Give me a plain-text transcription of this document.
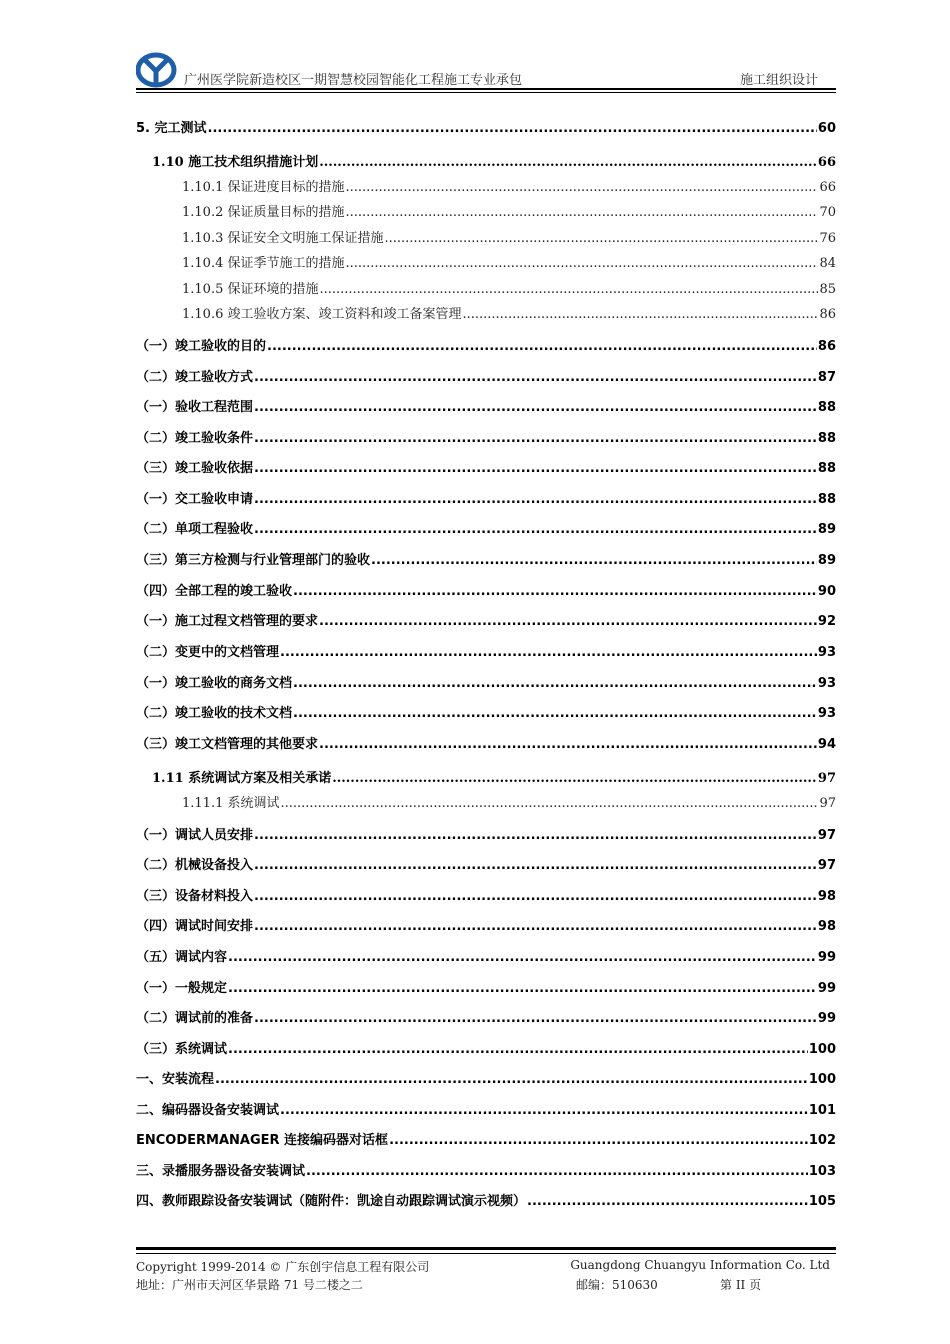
广州医学院新造校区一期智慧校园智能化工程施工专业承包	施工组织设计
5. 完工测试 .....	60
1.10 施工技术组织措施计划 .....	66
1.10.1 保证进度目标的措施 .....	66
1.10.2 保证质量目标的措施 .....	70
1.10.3 保证安全文明施工保证措施 .....	76
1.10.4 保证季节施工的措施 .....	84
1.10.5 保证环境的措施 .....	85
1.10.6 竣工验收方案、竣工资料和竣工备案管理 .....	86
（一）竣工验收的目的 .....	86
（二）竣工验收方式 .....	87
（一）验收工程范围 .....	88
（二）竣工验收条件 .....	88
（三）竣工验收依据 .....	88
（一）交工验收申请 .....	88
（二）单项工程验收 .....	89
（三）第三方检测与行业管理部门的验收 .....	89
（四）全部工程的竣工验收 .....	90
（一）施工过程文档管理的要求 .....	92
（二）变更中的文档管理 .....	93
（一）竣工验收的商务文档 .....	93
（二）竣工验收的技术文档 .....	93
（三）竣工文档管理的其他要求 .....	94
1.11 系统调试方案及相关承诺 .....	97
1.11.1 系统调试 .....	97
（一）调试人员安排 .....	97
（二）机械设备投入 .....	97
（三）设备材料投入 .....	98
（四）调试时间安排 .....	98
（五）调试内容 .....	99
（一）一般规定 .....	99
（二）调试前的准备 .....	99
（三）系统调试 .....	100
一、安装流程 .....	100
二、编码器设备安装调试 .....	101
ENCODERMANAGER 连接编码器对话框 .....	102
三、录播服务器设备安装调试 .....	103
四、教师跟踪设备安装调试（随附件：凯途自动跟踪调试演示视频） .....	105
Copyright 1999-2014 © 广东创宇信息工程有限公司	Guangdong Chuangyu Information Co. Ltd
地址：广州市天河区华景路 71 号二楼之二	邮编：510630	第 II 页
